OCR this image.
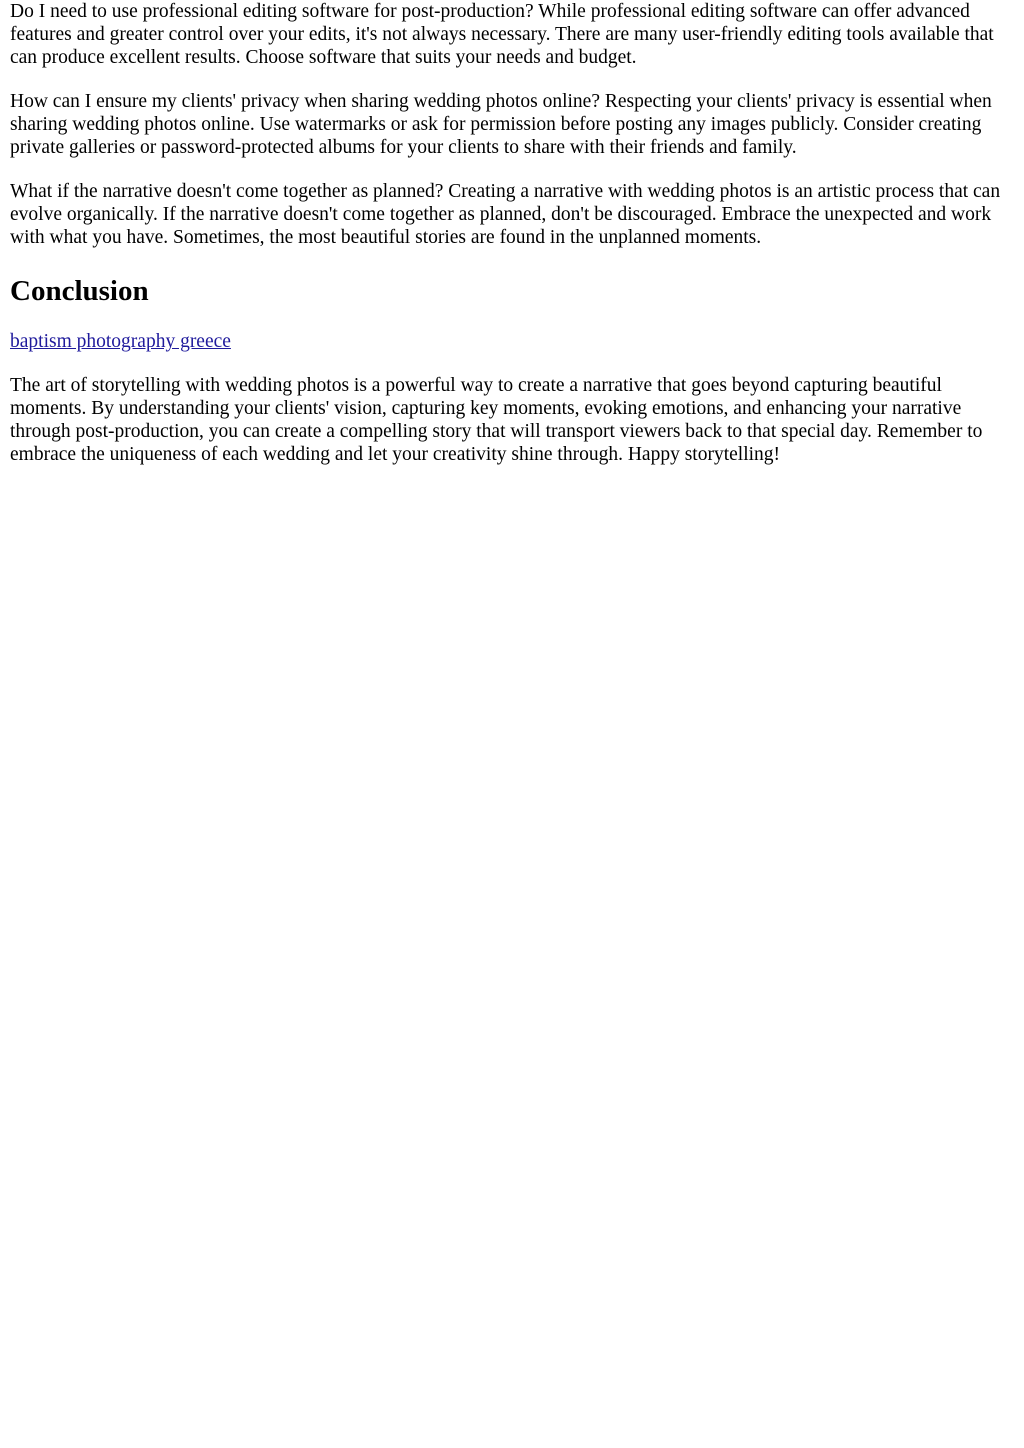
Do I need to use professional editing software for post-production? While professional editing software can offer advanced features and greater control over your edits, it's not always necessary. There are many user-friendly editing tools available that can produce excellent results. Choose software that suits your needs and budget.

How can I ensure my clients' privacy when sharing wedding photos online? Respecting your clients' privacy is essential when sharing wedding photos online. Use watermarks or ask for permission before posting any images publicly. Consider creating private galleries or password-protected albums for your clients to share with their friends and family.

What if the narrative doesn't come together as planned? Creating a narrative with wedding photos is an artistic process that can evolve organically. If the narrative doesn't come together as planned, don't be discouraged. Embrace the unexpected and work with what you have. Sometimes, the most beautiful stories are found in the unplanned moments.

Conclusion

baptism photography greece

The art of storytelling with wedding photos is a powerful way to create a narrative that goes beyond capturing beautiful moments. By understanding your clients' vision, capturing key moments, evoking emotions, and enhancing your narrative through post-production, you can create a compelling story that will transport viewers back to that special day. Remember to embrace the uniqueness of each wedding and let your creativity shine through. Happy storytelling!
